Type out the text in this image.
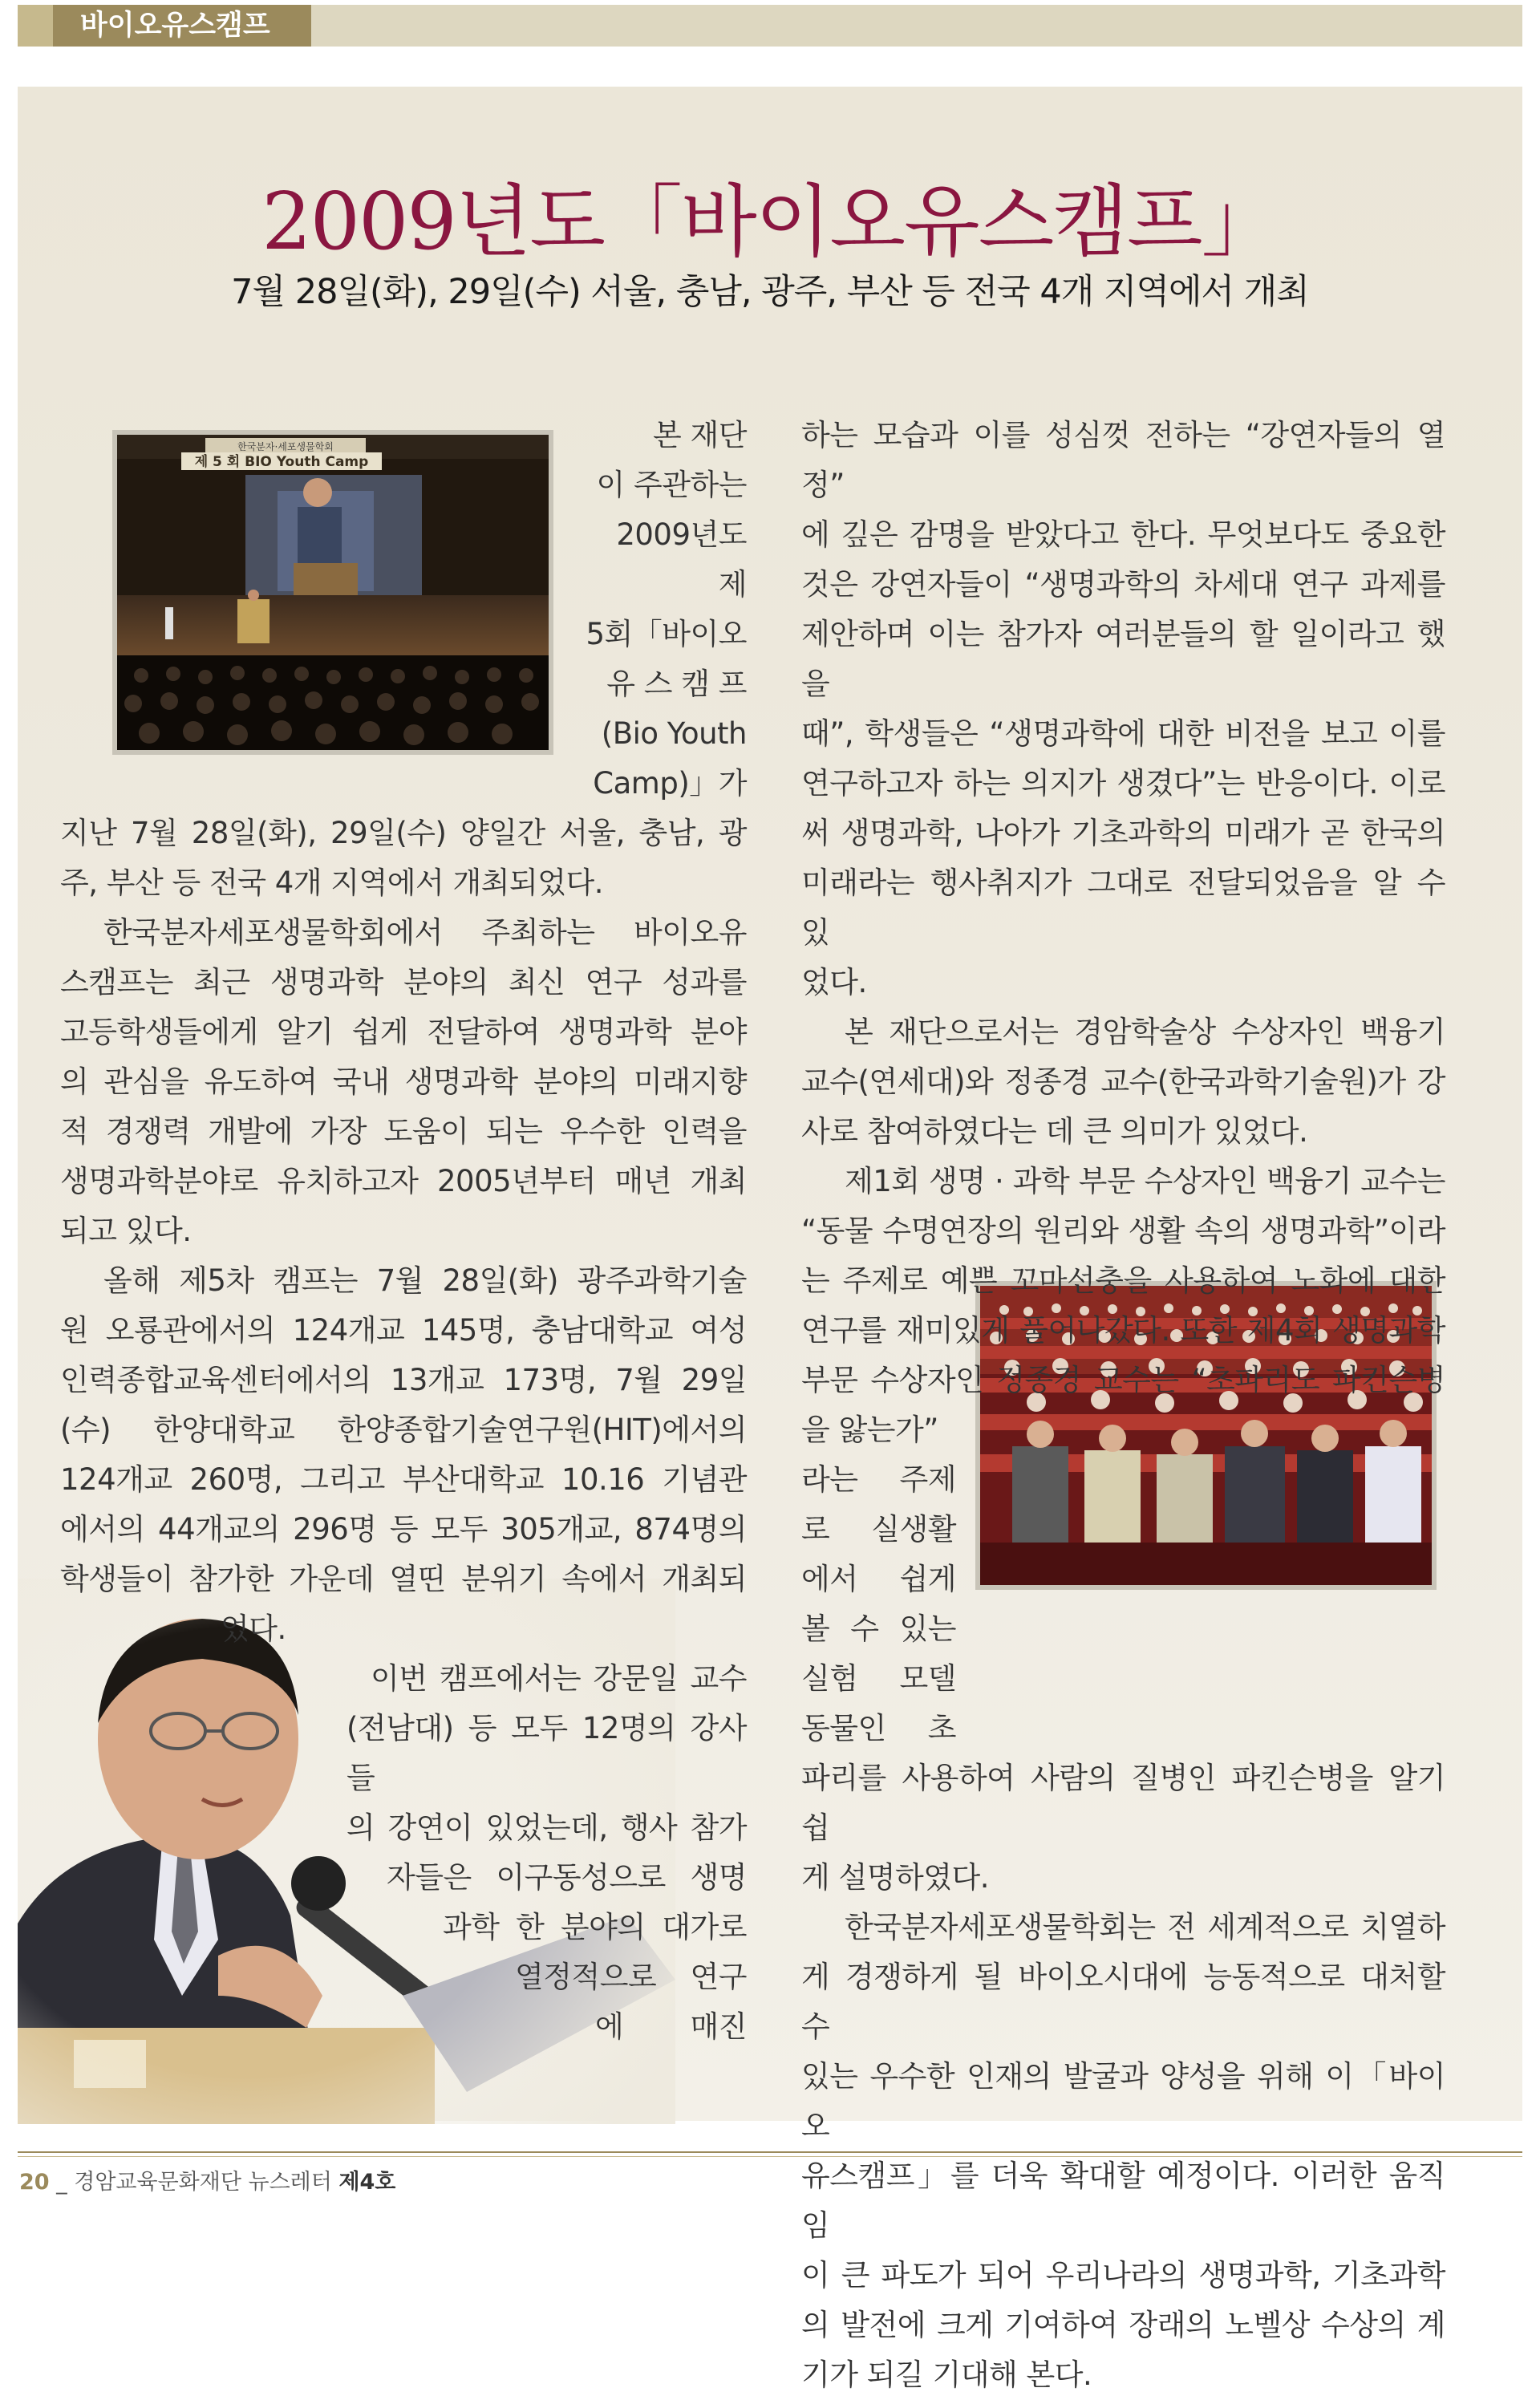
바이오유스캠프
2009년도「바이오유스캠프」
7월 28일(화), 29일(수) 서울, 충남, 광주, 부산 등 전국 4개 지역에서 개최
한국분자·세포생물학회
제 5 회 BIO Youth Camp

본 재단

이 주관하는

2009년도 제

5회「바이오

유 스 캠 프

(Bio Youth

Camp)」가

지난 7월 28일(화), 29일(수) 양일간 서울, 충남, 광

주, 부산 등 전국 4개 지역에서 개최되었다.

한국분자세포생물학회에서 주최하는 바이오유

스캠프는 최근 생명과학 분야의 최신 연구 성과를

고등학생들에게 알기 쉽게 전달하여 생명과학 분야

의 관심을 유도하여 국내 생명과학 분야의 미래지향

적 경쟁력 개발에 가장 도움이 되는 우수한 인력을

생명과학분야로 유치하고자 2005년부터 매년 개최

되고 있다.

올해 제5차 캠프는 7월 28일(화) 광주과학기술

원 오룡관에서의 124개교 145명, 충남대학교 여성

인력종합교육센터에서의 13개교 173명, 7월 29일

(수) 한양대학교 한양종합기술연구원(HIT)에서의

124개교 260명, 그리고 부산대학교 10.16 기념관

에서의 44개교의 296명 등 모두 305개교, 874명의

학생들이 참가한 가운데 열띤 분위기 속에서 개최되

었다.

이번 캠프에서는 강문일 교수

(전남대) 등 모두 12명의 강사들

의 강연이 있었는데, 행사 참가

자들은 이구동성으로 생명

과학 한 분야의 대가로

열정적으로 연구

에 매진

하는 모습과 이를 성심껏 전하는 “강연자들의 열정”

에 깊은 감명을 받았다고 한다. 무엇보다도 중요한

것은 강연자들이 “생명과학의 차세대 연구 과제를

제안하며 이는 참가자 여러분들의 할 일이라고 했을

때”, 학생들은 “생명과학에 대한 비전을 보고 이를

연구하고자 하는 의지가 생겼다”는 반응이다. 이로

써 생명과학, 나아가 기초과학의 미래가 곧 한국의

미래라는 행사취지가 그대로 전달되었음을 알 수 있

었다.

본 재단으로서는 경암학술상 수상자인 백융기

교수(연세대)와 정종경 교수(한국과학기술원)가 강

사로 참여하였다는 데 큰 의미가 있었다.

제1회 생명 · 과학 부문 수상자인 백융기 교수는

“동물 수명연장의 원리와 생활 속의 생명과학”이라

는 주제로 예쁜 꼬마선충을 사용하여 노화에 대한

연구를 재미있게 풀어나갔다. 또한 제4회 생명과학

부문 수상자인 정종경 교수는 “초파리도 파킨슨병

을 앓는가”

라는 주제

로 실생활

에서 쉽게

볼 수 있는

실험 모델

동물인 초

파리를 사용하여 사람의 질병인 파킨슨병을 알기 쉽

게 설명하였다.

한국분자세포생물학회는 전 세계적으로 치열하

게 경쟁하게 될 바이오시대에 능동적으로 대처할 수

있는 우수한 인재의 발굴과 양성을 위해 이「바이오

유스캠프」를 더욱 확대할 예정이다. 이러한 움직임

이 큰 파도가 되어 우리나라의 생명과학, 기초과학

의 발전에 크게 기여하여 장래의 노벨상 수상의 계

기가 되길 기대해 본다.

20 _ 경암교육문화재단 뉴스레터 제4호
